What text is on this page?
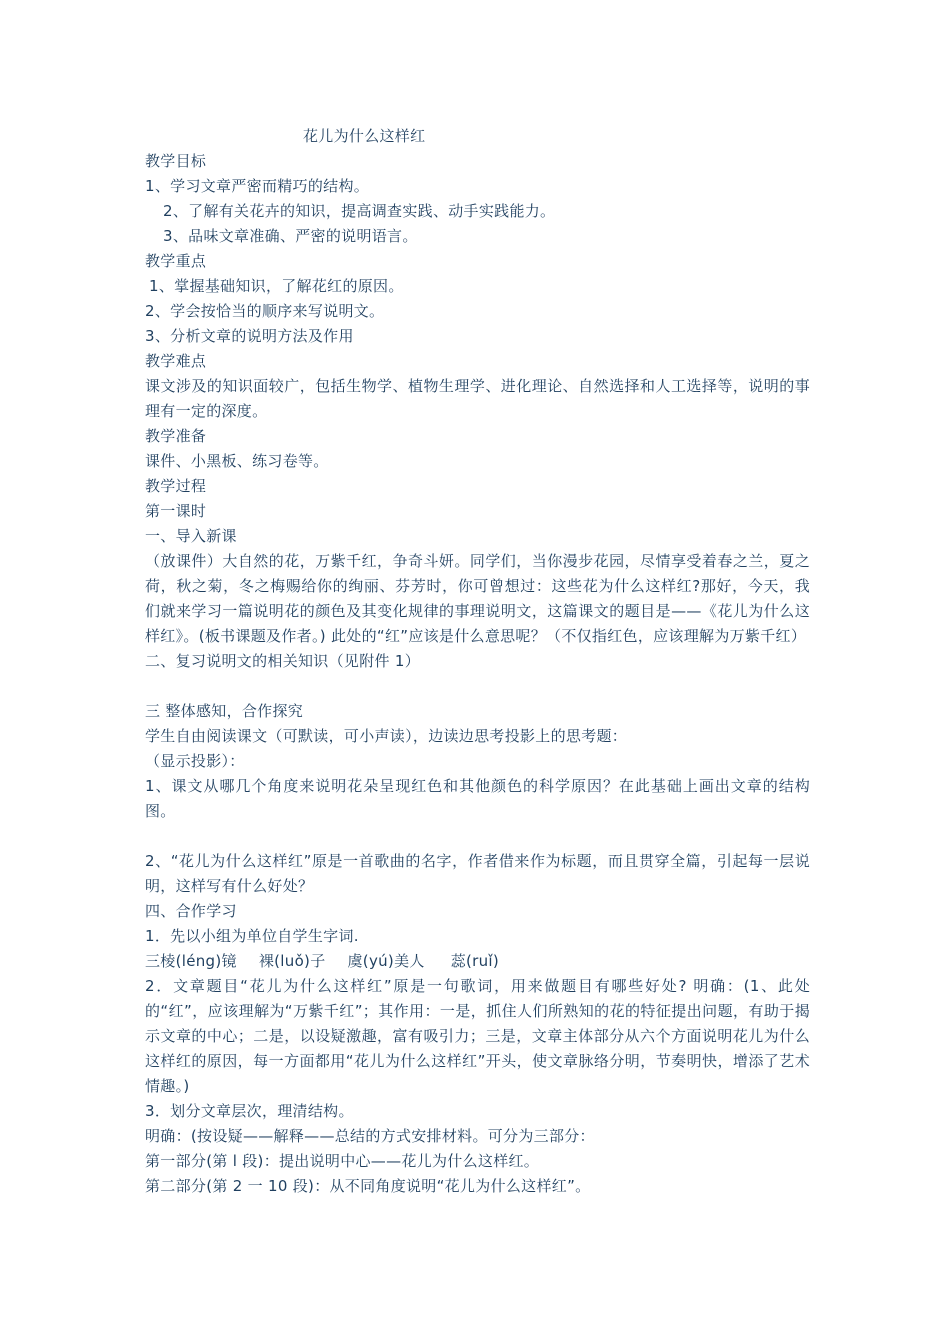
花儿为什么这样红
教学目标
1、学习文章严密而精巧的结构。
2、了解有关花卉的知识，提高调查实践、动手实践能力。
3、品味文章准确、严密的说明语言。
教学重点
1、掌握基础知识，了解花红的原因。
2、学会按恰当的顺序来写说明文。
3、分析文章的说明方法及作用
教学难点
课文涉及的知识面较广，包括生物学、植物生理学、进化理论、自然选择和人工选择等，说明的事理有一定的深度。
教学准备
课件、小黑板、练习卷等。
教学过程
第一课时
一、导入新课
（放课件）大自然的花，万紫千红，争奇斗妍。同学们，当你漫步花园，尽情享受着春之兰，夏之荷，秋之菊，冬之梅赐给你的绚丽、芬芳时，你可曾想过：这些花为什么这样红?那好，今天，我们就来学习一篇说明花的颜色及其变化规律的事理说明文，这篇课文的题目是——《花儿为什么这样红》。(板书课题及作者。) 此处的“红”应该是什么意思呢？（不仅指红色，应该理解为万紫千红）
二、复习说明文的相关知识（见附件 1）
三 整体感知，合作探究
学生自由阅读课文（可默读，可小声读），边读边思考投影上的思考题：
（显示投影）：
1、课文从哪几个角度来说明花朵呈现红色和其他颜色的科学原因？在此基础上画出文章的结构图。
2、“花儿为什么这样红”原是一首歌曲的名字，作者借来作为标题，而且贯穿全篇，引起每一层说明，这样写有什么好处？
四、合作学习
1．先以小组为单位自学生字词.
三棱(léng)镜 裸(luǒ)子 虞(yú)美人 蕊(ruǐ)
2．文章题目“花儿为什么这样红”原是一句歌词，用来做题目有哪些好处? 明确：(1、此处的“红”，应该理解为“万紫千红”；其作用：一是，抓住人们所熟知的花的特征提出问题，有助于揭示文章的中心；二是，以设疑激趣，富有吸引力；三是，文章主体部分从六个方面说明花儿为什么这样红的原因，每一方面都用“花儿为什么这样红”开头，使文章脉络分明，节奏明快，增添了艺术情趣。)
3．划分文章层次，理清结构。
明确：(按设疑——解释——总结的方式安排材料。可分为三部分：
第一部分(第 l 段)：提出说明中心——花儿为什么这样红。
第二部分(第 2 一 10 段)：从不同角度说明“花儿为什么这样红”。
